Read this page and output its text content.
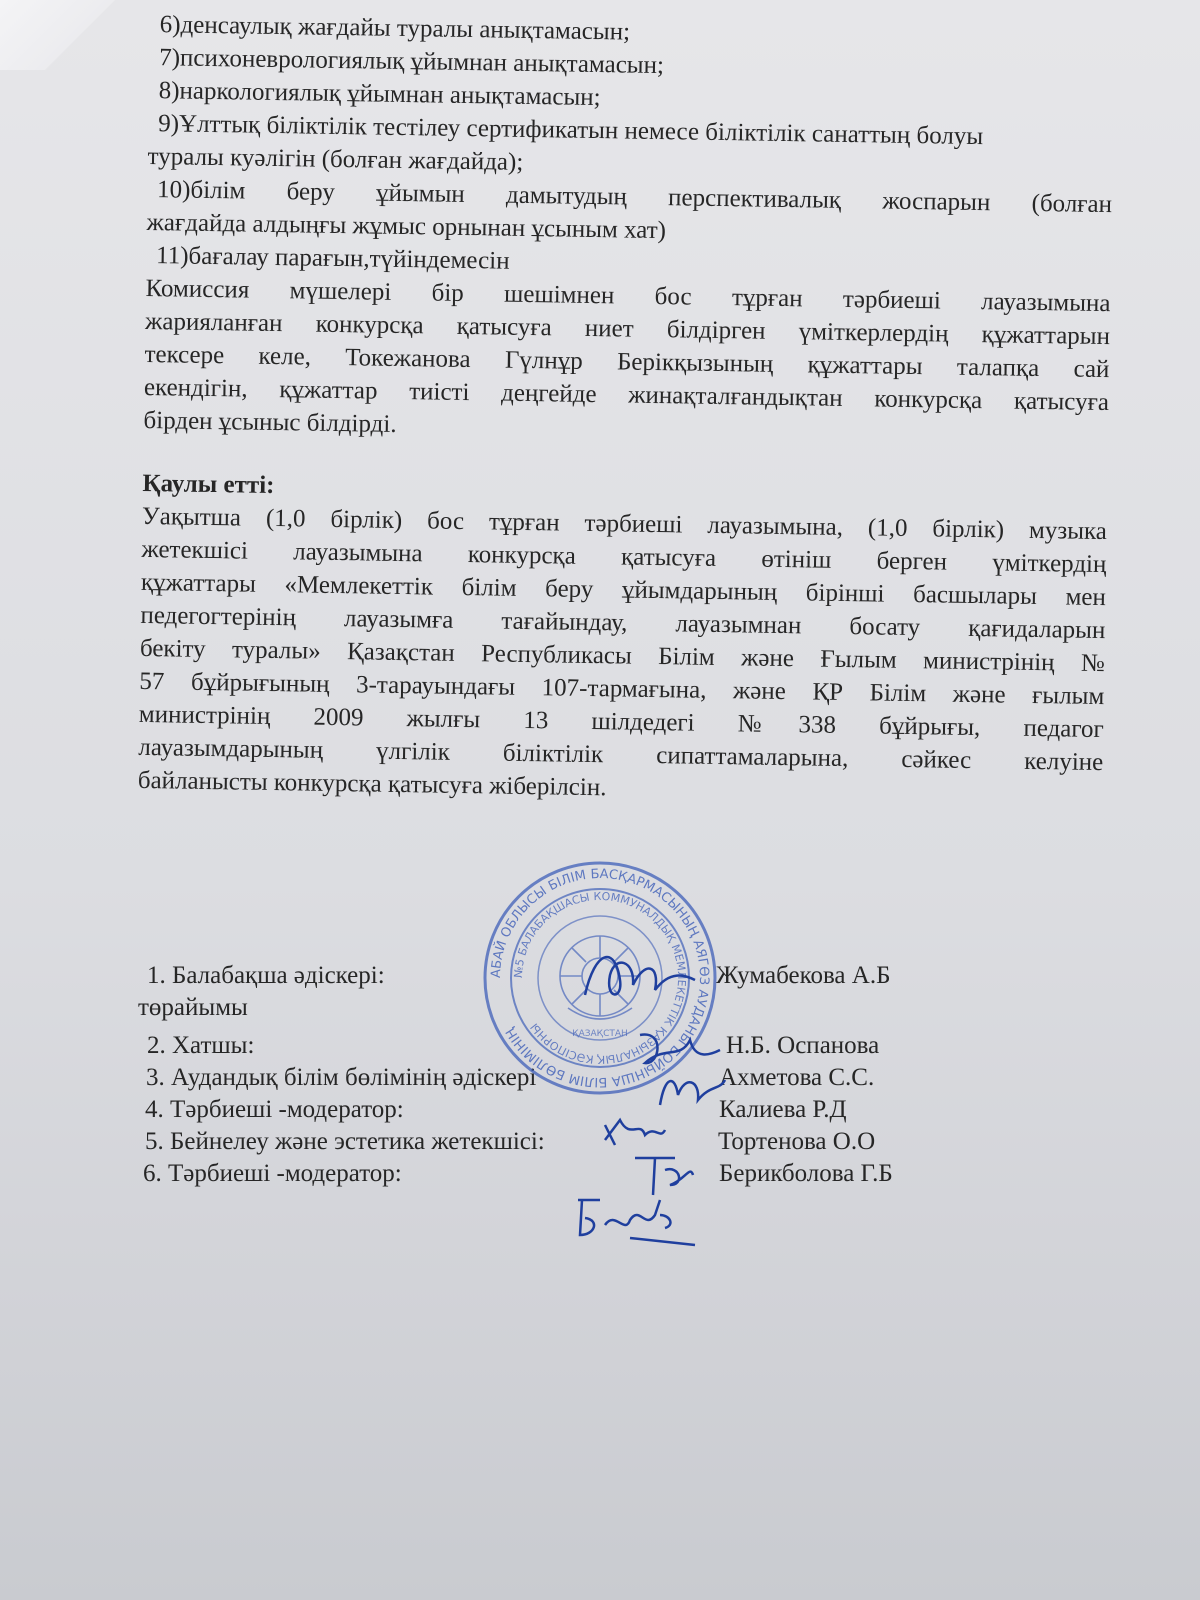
6)денсаулық жағдайы туралы анықтамасын;
7)психоневрологиялық ұйымнан анықтамасын;
8)наркологиялық ұйымнан анықтамасын;
9)Ұлттық біліктілік тестілеу сертификатын немесе біліктілік санаттың болуы
туралы куәлігін (болған жағдайда);
10)білім беру ұйымын дамытудың перспективалық жоспарын (болған
жағдайда алдыңғы жұмыс орнынан ұсыным хат)
11)бағалау парағын,түйіндемесін
Комиссия мүшелері бір шешімнен бос тұрған тәрбиеші лауазымына
жарияланған конкурсқа қатысуға ниет білдірген үміткерлердің құжаттарын
тексере келе, Токежанова Гүлнұр Берікқызының құжаттары талапқа сай
екендігін, құжаттар тиісті деңгейде жинақталғандықтан конкурсқа қатысуға
бірден ұсыныс білдірді.
Қаулы етті:
Уақытша (1,0 бірлік) бос тұрған тәрбиеші лауазымына, (1,0 бірлік) музыка
жетекшісі лауазымына конкурсқа қатысуға өтініш берген үміткердің
құжаттары «Мемлекеттік білім беру ұйымдарының бірінші басшылары мен
педегогтерінің лауазымға тағайындау, лауазымнан босату қағидаларын
бекіту туралы» Қазақстан Республикасы Білім және Ғылым министрінің №
57 бұйрығының 3-тарауындағы 107-тармағына, және ҚР Білім және ғылым
министрінің 2009 жылғы 13 шілдедегі №338 бұйрығы, педагог
лауазымдарының үлгілік біліктілік сипаттамаларына, сәйкес келуіне
байланысты конкурсқа қатысуға жіберілсін.
1. Балабақша әдіскері:	Жумабекова А.Б
төрайымы
2. Хатшы:	Н.Б. Оспанова
3. Аудандық білім бөлімінің әдіскері	Ахметова С.С.
4. Тәрбиеші -модератор:	Калиева Р.Д
5. Бейнелеу және эстетика жетекшісі:	Тортенова О.О
6. Тәрбиеші -модератор:	Берикболова Г.Б
АБАЙ ОБЛЫСЫ БІЛІМ БАСҚАРМАСЫНЫҢ АЯГӨЗ АУДАНЫ БОЙЫНША БІЛІМ БӨЛІМІНІҢ
№5 БАЛАБАҚШАСЫ КОММУНАЛДЫҚ МЕМЛЕКЕТТІК ҚАЗЫНАЛЫҚ КӘСІПОРНЫ	ҚАЗАҚСТАН
